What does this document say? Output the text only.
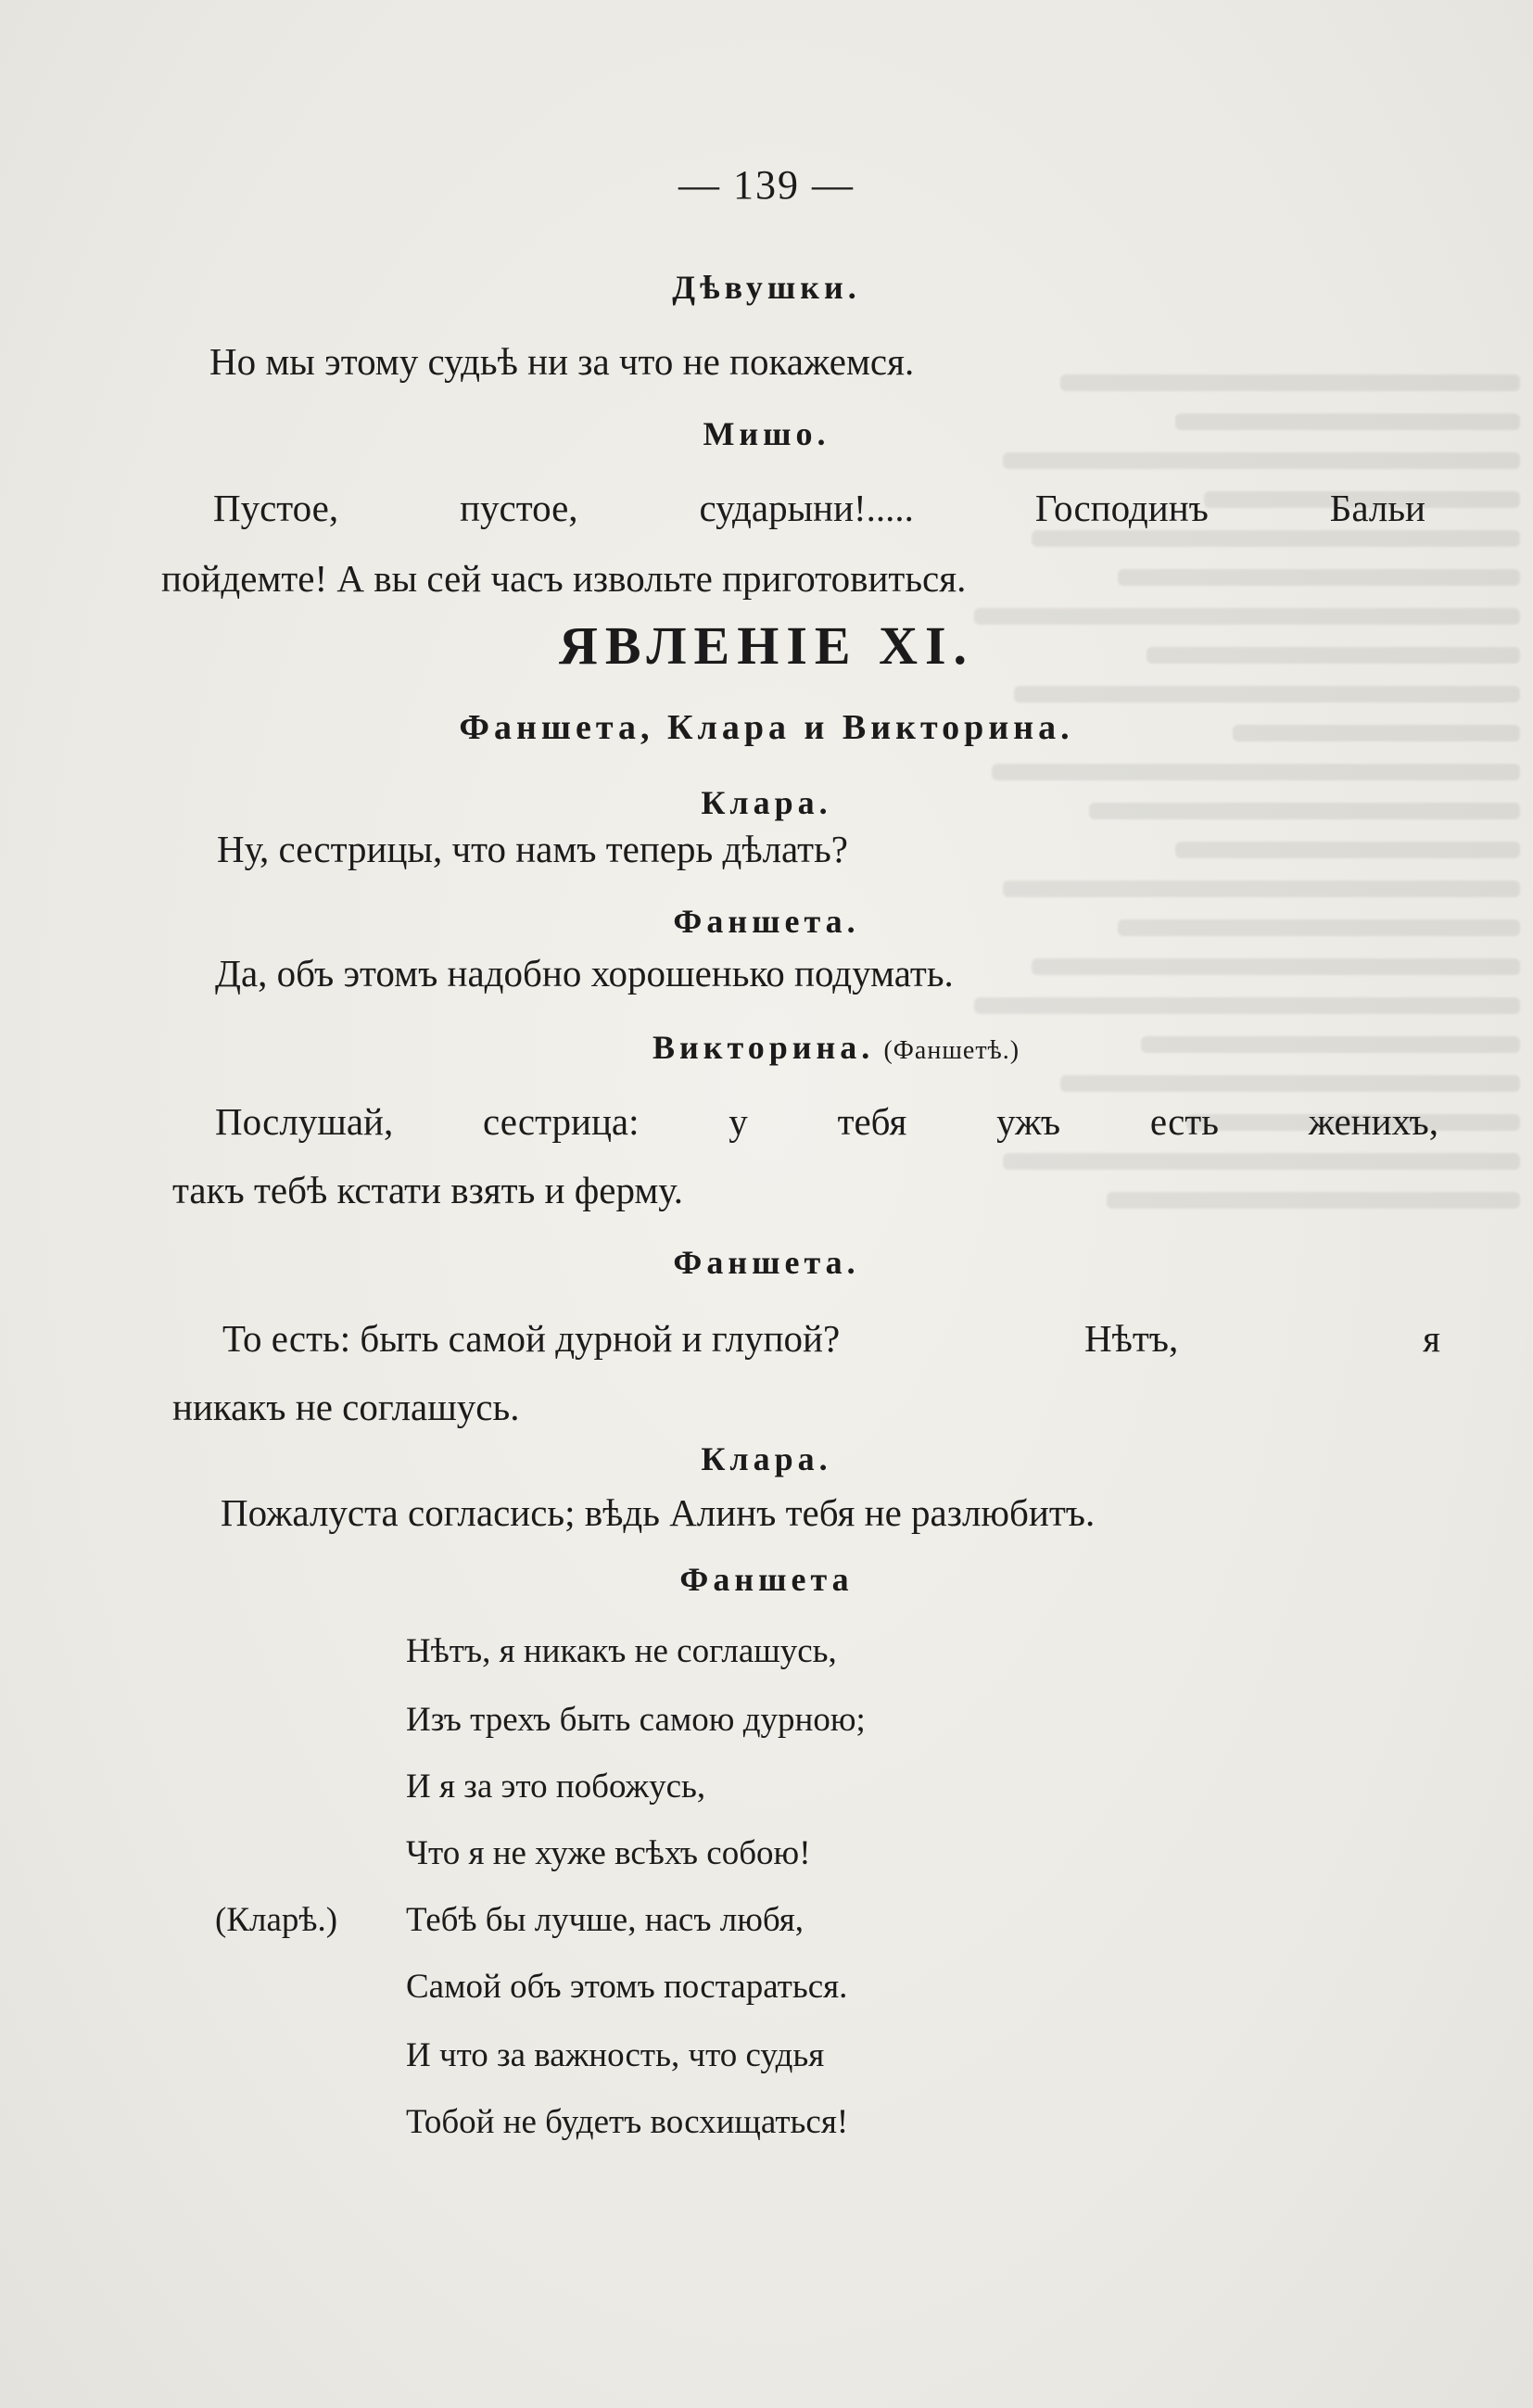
— 139 —
Дѣвушки.
Но мы этому судьѣ ни за что не покажемся.
Мишо.
Пустое,	пустое,	сударыни!.....	Господинъ	Бальи
пойдемте! А вы сей часъ извольте приготовиться.
ЯВЛЕНІЕ XI.
Фаншета, Клара и Викторина.
Клара.
Ну, сестрицы, что намъ теперь дѣлать?
Фаншета.
Да, объ этомъ надобно хорошенько подумать.
Викторина. (Фаншетѣ.)
Послушай, сестрица: у тебя ужъ есть женихъ,
такъ тебѣ кстати взять и ферму.
Фаншета.
То есть: быть самой дурной и глупой?	Нѣтъ,	я
никакъ не соглашусь.
Клара.
Пожалуста согласись; вѣдь Алинъ тебя не разлюбитъ.
Фаншета
Нѣтъ, я никакъ не соглашусь,
Изъ трехъ быть самою дурною;
И я за это побожусь,
Что я не хуже всѣхъ собою!
(Кларѣ.) Тебѣ бы лучше, насъ любя,
Самой объ этомъ постараться.
И что за важность, что судья
Тобой не будетъ восхищаться!
